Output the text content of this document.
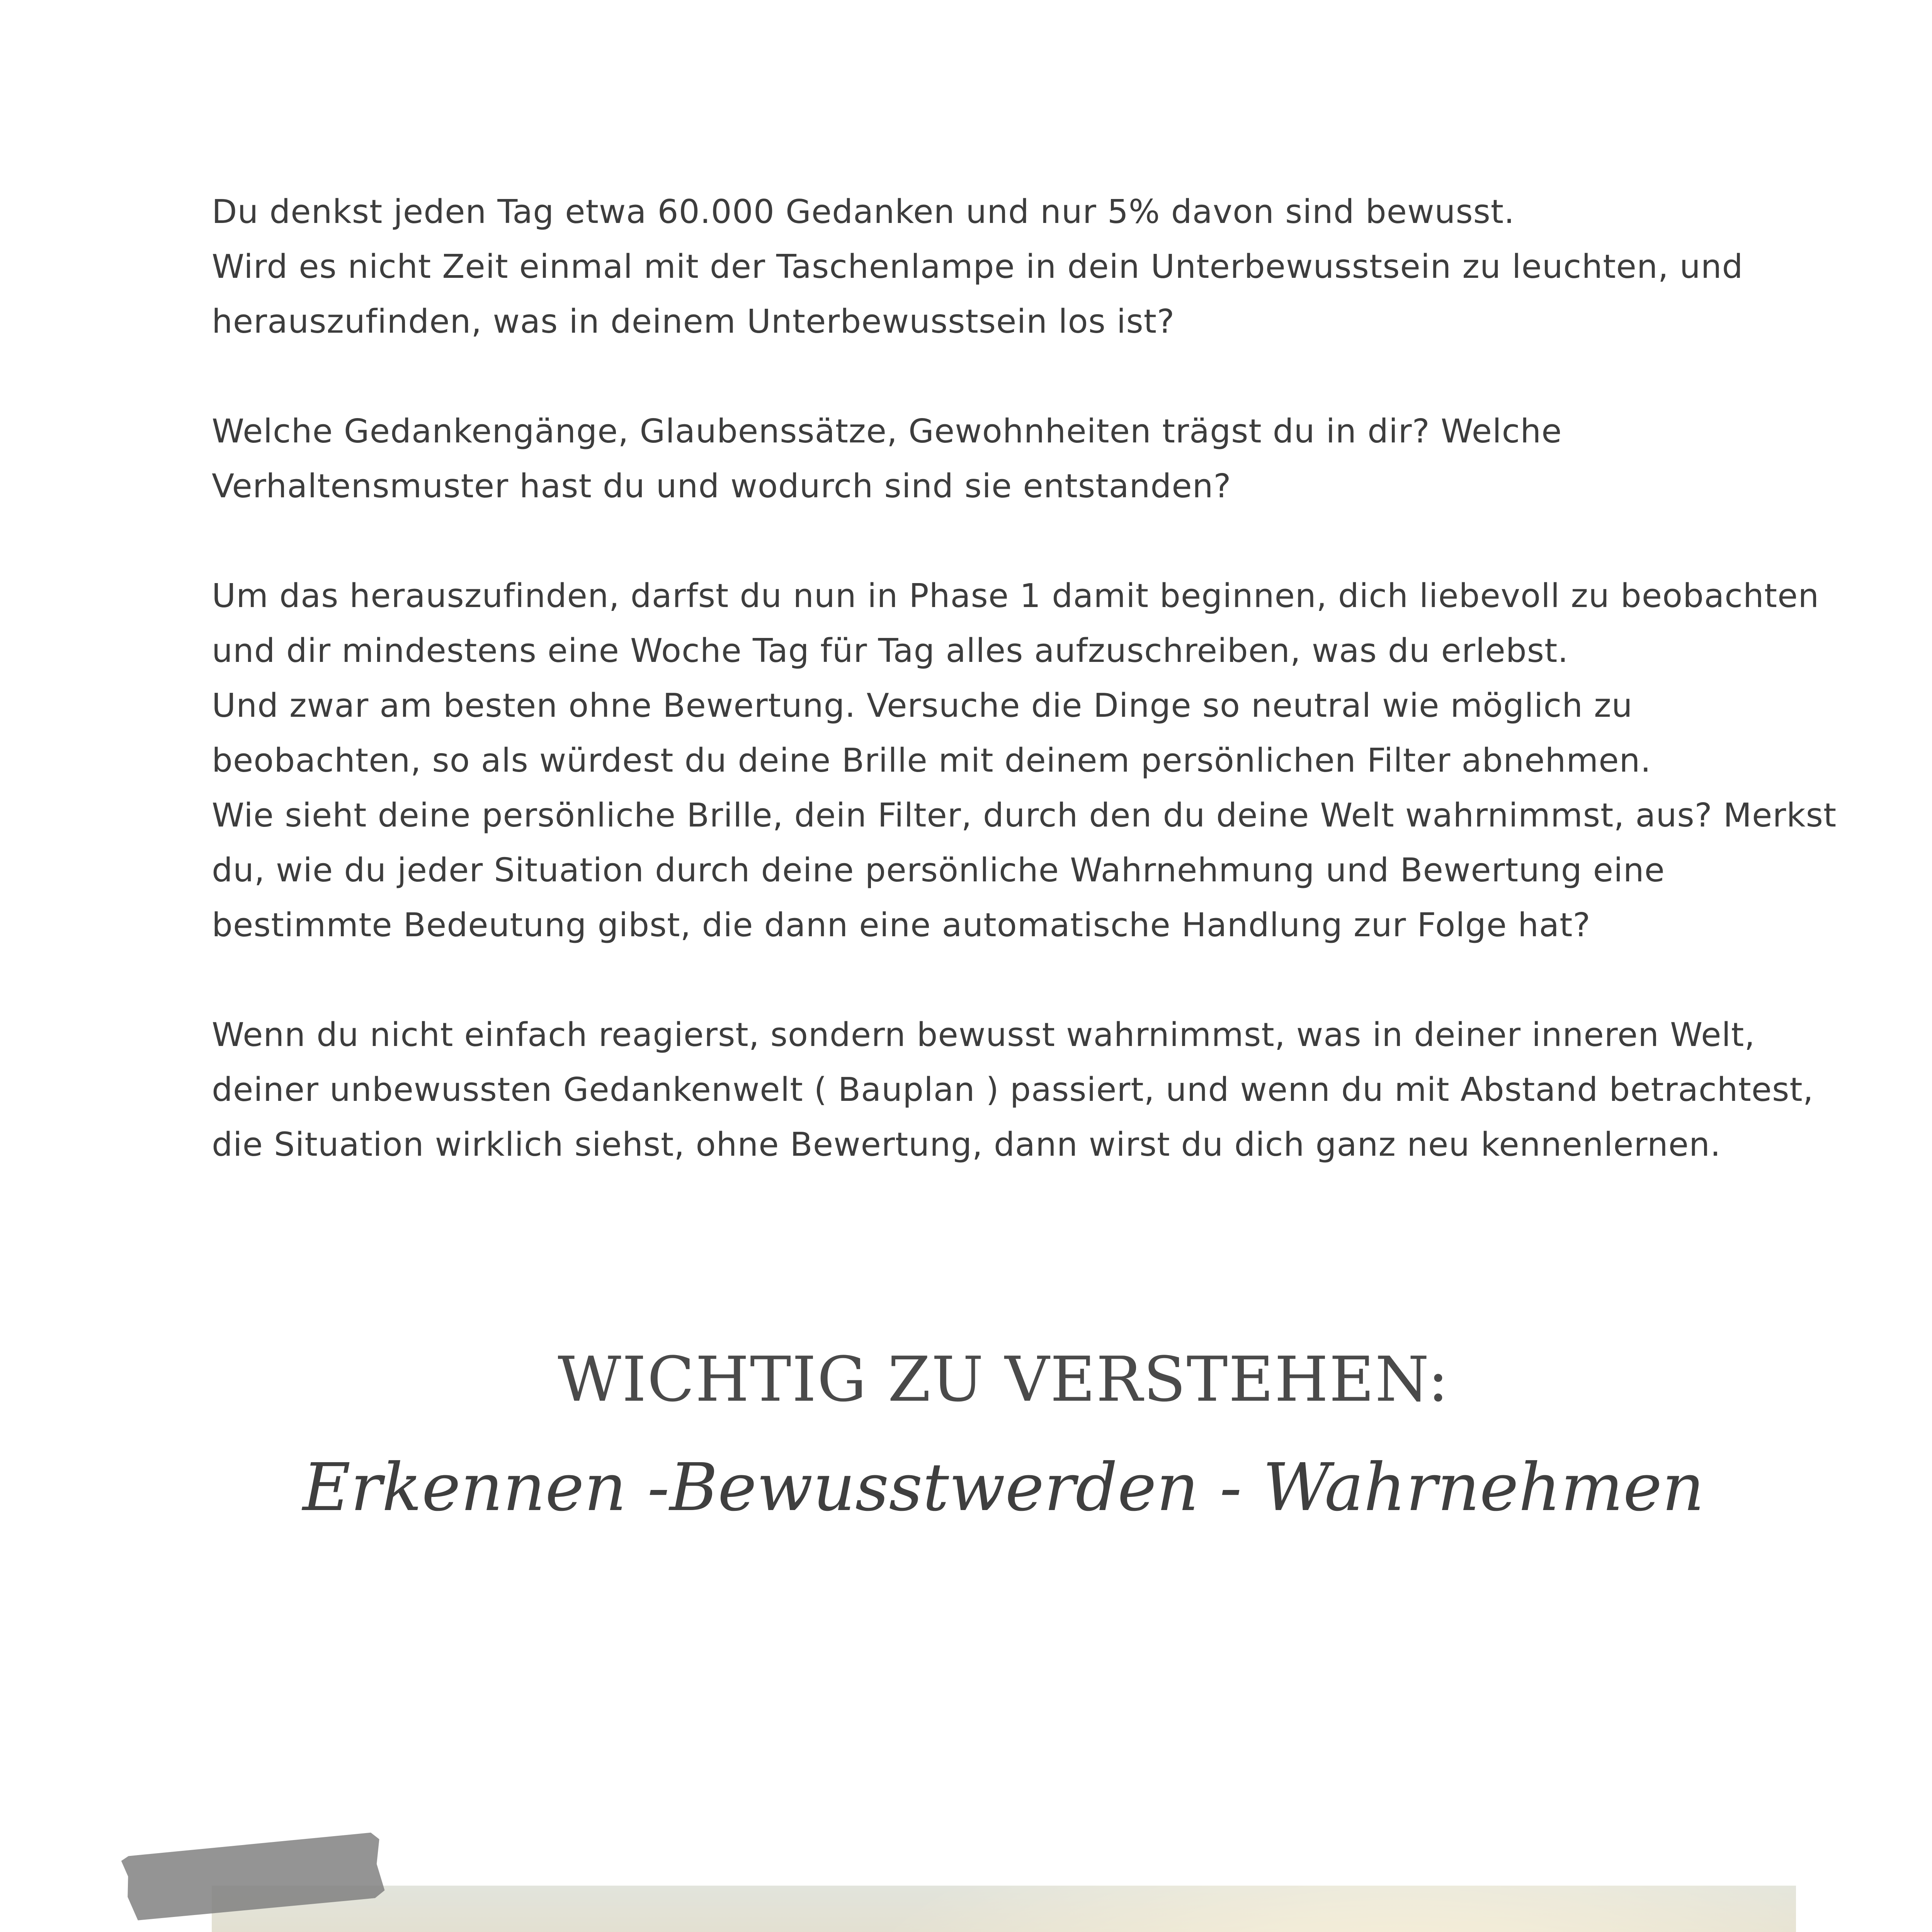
Du denkst jeden Tag etwa 60.000 Gedanken und nur 5% davon sind bewusst.
Wird es nicht Zeit einmal mit der Taschenlampe in dein Unterbewusstsein zu leuchten, und
herauszufinden, was in deinem Unterbewusstsein los ist?

Welche Gedankengänge, Glaubenssätze, Gewohnheiten trägst du in dir? Welche
Verhaltensmuster hast du und wodurch sind sie entstanden?

Um das herauszufinden, darfst du nun in Phase 1 damit beginnen, dich liebevoll zu beobachten
und dir mindestens eine Woche Tag für Tag alles aufzuschreiben, was du erlebst.
Und zwar am besten ohne Bewertung. Versuche die Dinge so neutral wie möglich zu
beobachten, so als würdest du deine Brille mit deinem persönlichen Filter abnehmen.
Wie sieht deine persönliche Brille, dein Filter, durch den du deine Welt wahrnimmst, aus? Merkst
du, wie du jeder Situation durch deine persönliche Wahrnehmung und Bewertung eine
bestimmte Bedeutung gibst, die dann eine automatische Handlung zur Folge hat?

Wenn du nicht einfach reagierst, sondern bewusst wahrnimmst, was in deiner inneren Welt,
deiner unbewussten Gedankenwelt ( Bauplan ) passiert, und wenn du mit Abstand betrachtest,
die Situation wirklich siehst, ohne Bewertung, dann wirst du dich ganz neu kennenlernen.

WICHTIG ZU VERSTEHEN:
Erkennen -Bewusstwerden - Wahrnehmen
